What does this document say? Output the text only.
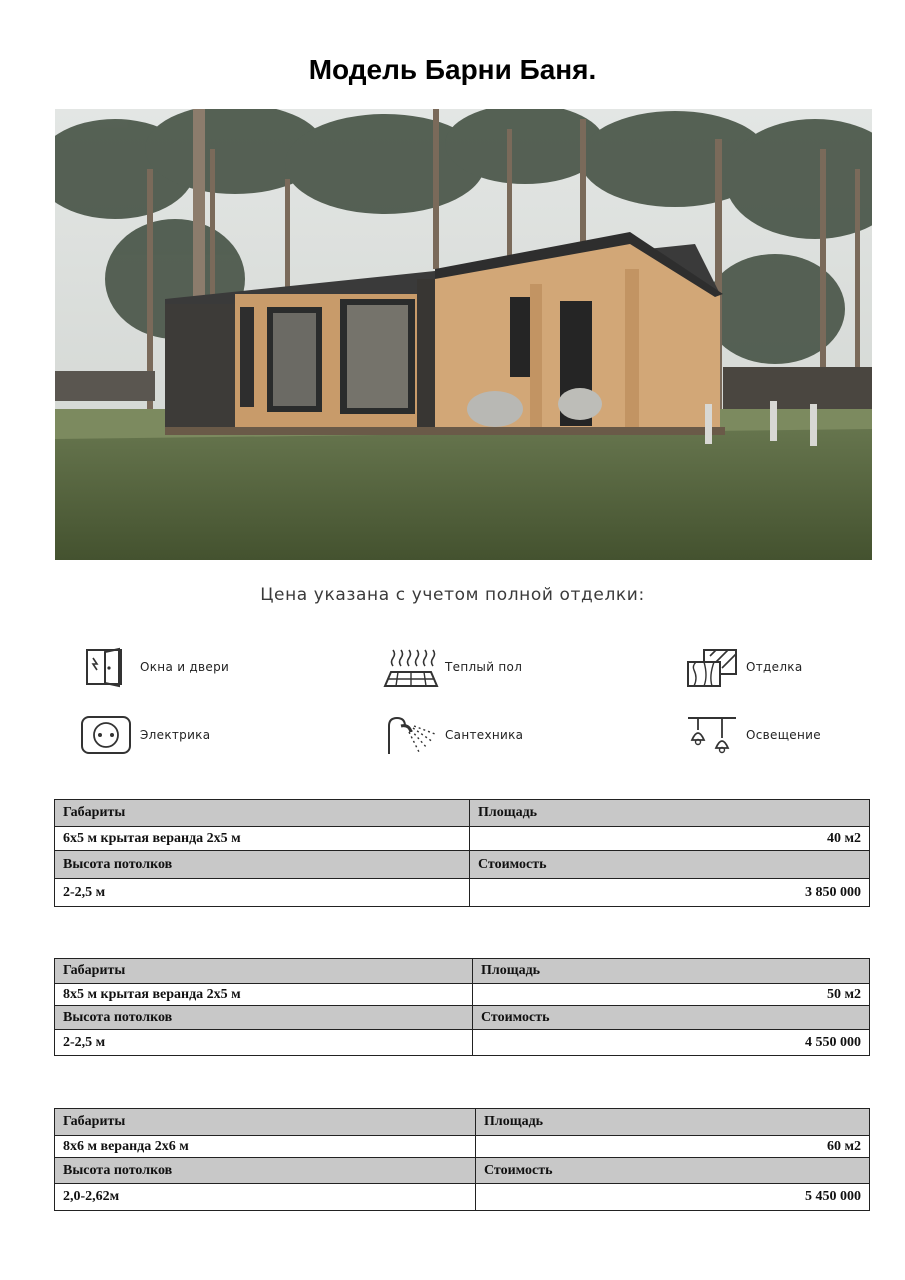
Модель Барни Баня.
Цена указана с учетом полной отделки:
Окна и двери	Теплый пол	Отделка
Электрика	Сантехника	Освещение
Габариты	Площадь
6х5 м крытая веранда 2х5 м	40 м2
Высота потолков	Стоимость
2-2,5 м	3 850 000
Габариты	Площадь
8х5 м крытая веранда 2х5 м	50 м2
Высота потолков	Стоимость
2-2,5 м	4 550 000
Габариты	Площадь
8х6 м веранда 2х6 м	60 м2
Высота потолков	Стоимость
2,0-2,62м	5 450 000
